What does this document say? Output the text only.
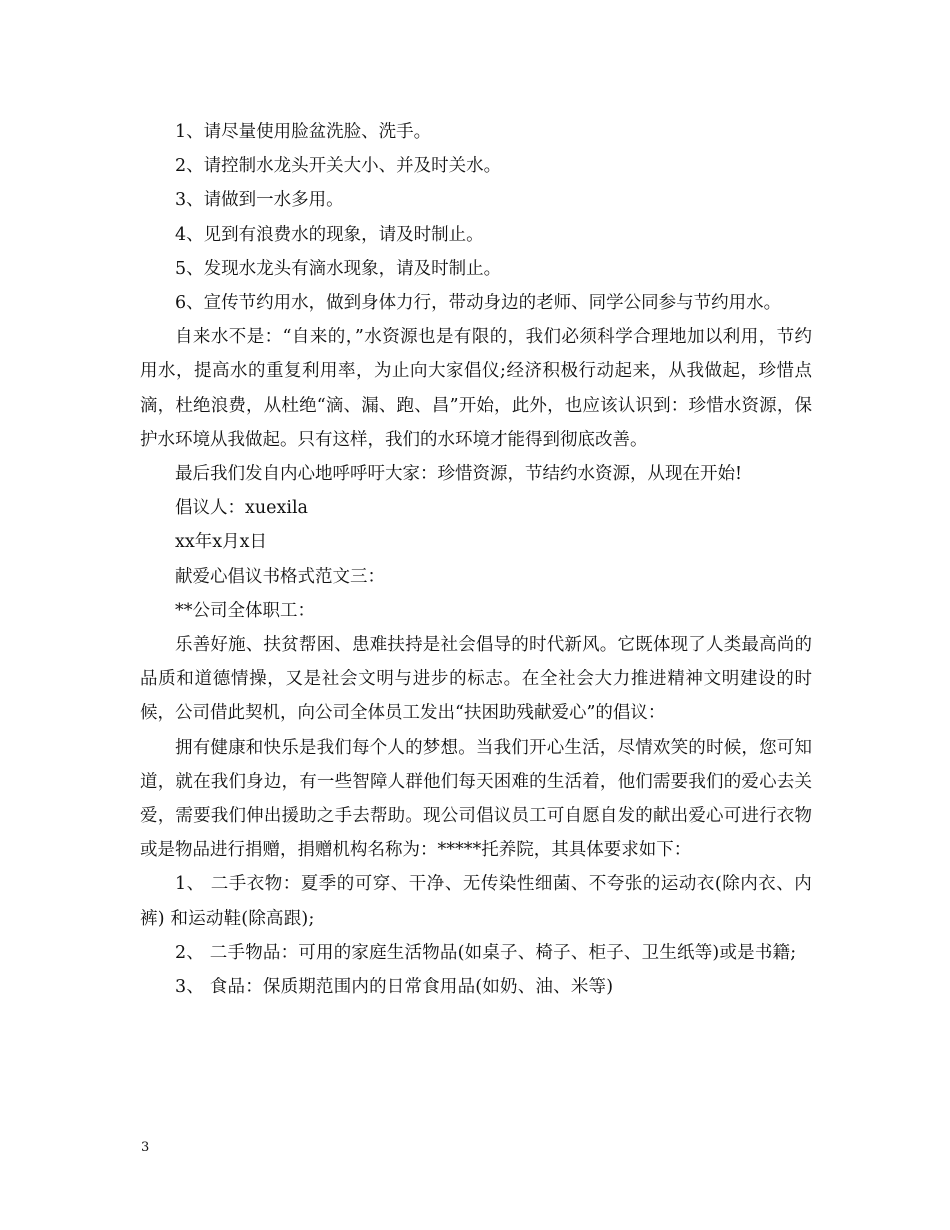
1、请尽量使用脸盆洗脸、洗手。

2、请控制水龙头开关大小、并及时关水。

3、请做到一水多用。

4、见到有浪费水的现象，请及时制止。

5、发现水龙头有滴水现象，请及时制止。

6、宣传节约用水，做到身体力行，带动身边的老师、同学公同参与节约用水。

自来水不是：“自来的，”水资源也是有限的，我们必须科学合理地加以利用，节约用水，提高水的重复利用率，为止向大家倡仪;经济积极行动起来，从我做起，珍惜点滴，杜绝浪费，从杜绝“滴、漏、跑、昌”开始，此外，也应该认识到：珍惜水资源，保护水环境从我做起。只有这样，我们的水环境才能得到彻底改善。

最后我们发自内心地呼呼吁大家：珍惜资源，节结约水资源，从现在开始!

倡议人：xuexila

xx年x月x日

献爱心倡议书格式范文三：

**公司全体职工：

乐善好施、扶贫帮困、患难扶持是社会倡导的时代新风。它既体现了人类最高尚的品质和道德情操，又是社会文明与进步的标志。在全社会大力推进精神文明建设的时候，公司借此契机，向公司全体员工发出“扶困助残献爱心”的倡议：

拥有健康和快乐是我们每个人的梦想。当我们开心生活，尽情欢笑的时候，您可知道，就在我们身边，有一些智障人群他们每天困难的生活着，他们需要我们的爱心去关爱，需要我们伸出援助之手去帮助。现公司倡议员工可自愿自发的献出爱心可进行衣物或是物品进行捐赠，捐赠机构名称为：*****托养院，其具体要求如下：

1、 二手衣物：夏季的可穿、干净、无传染性细菌、不夸张的运动衣(除内衣、内裤) 和运动鞋(除高跟);

2、 二手物品：可用的家庭生活物品(如桌子、椅子、柜子、卫生纸等)或是书籍;

3、 食品：保质期范围内的日常食用品(如奶、油、米等)

3
